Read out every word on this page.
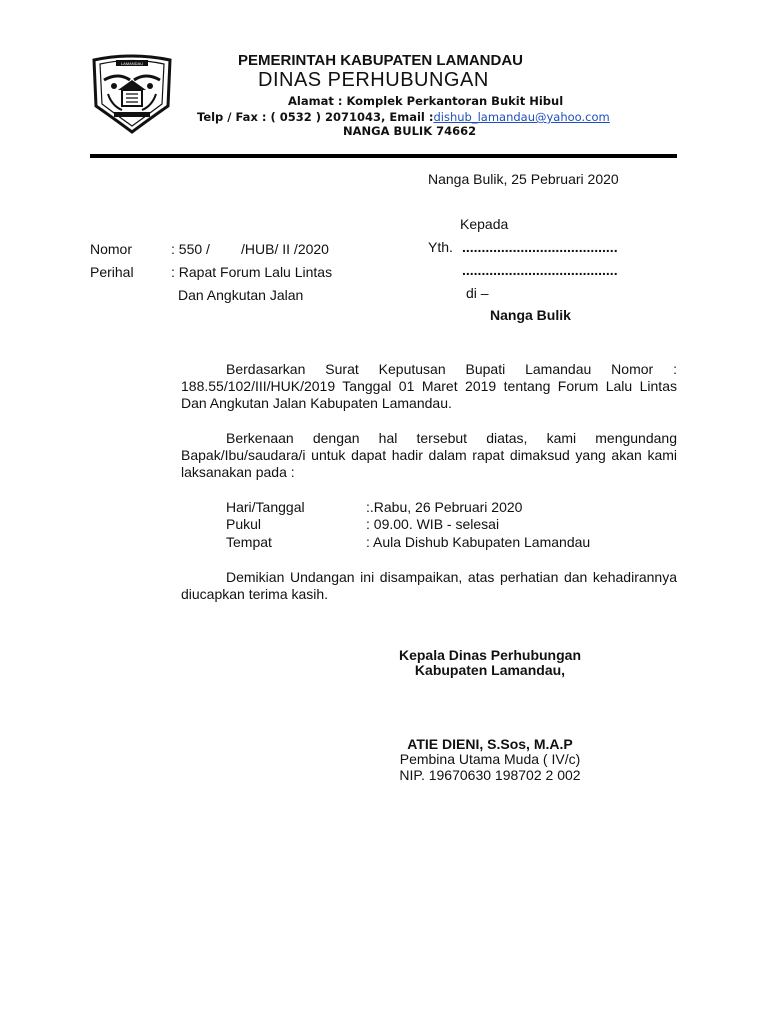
LAMANDAU	PEMERINTAH KABUPATEN LAMANDAU
DINAS PERHUBUNGAN
Alamat : Komplek Perkantoran Bukit Hibul
Telp / Fax : ( 0532 ) 2071043, Email :dishub_lamandau@yahoo.com
NANGA BULIK 74662
Nanga Bulik, 25 Pebruari 2020
Kepada
Yth. ........................................
........................................
di –
Nanga Bulik
Nomor	: 550 /        /HUB/ II /2020
Perihal	: Rapat Forum Lalu Lintas
Dan Angkutan Jalan
Berdasarkan Surat Keputusan Bupati Lamandau Nomor : 188.55/102/III/HUK/2019 Tanggal 01 Maret 2019 tentang Forum Lalu Lintas Dan Angkutan Jalan Kabupaten Lamandau.
Berkenaan dengan hal tersebut diatas, kami mengundang Bapak/Ibu/saudara/i untuk dapat hadir dalam rapat dimaksud yang akan kami laksanakan pada :
Hari/Tanggal	:.Rabu, 26 Pebruari 2020
Pukul	: 09.00. WIB - selesai
Tempat	: Aula Dishub Kabupaten Lamandau
Demikian Undangan ini disampaikan, atas perhatian dan kehadirannya diucapkan terima kasih.
Kepala Dinas Perhubungan
Kabupaten Lamandau,
ATIE DIENI, S.Sos, M.A.P
Pembina Utama Muda ( IV/c)
NIP. 19670630 198702 2 002
